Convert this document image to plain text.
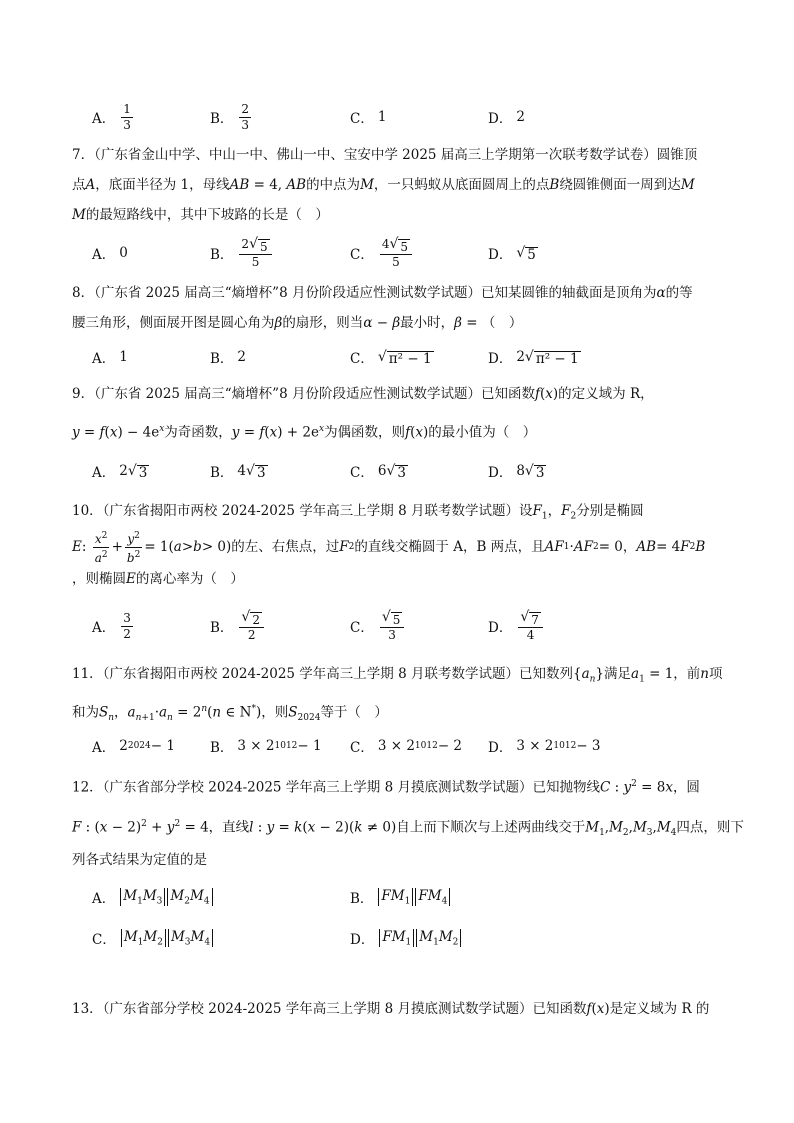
A． $\frac{1}{3}$	B． $\frac{2}{3}$	C． 1	D． 2
7．（广东省金山中学、中山一中、佛山一中、宝安中学 2025 届高三上学期第一次联考数学试卷）圆锥顶
点A，底面半径为 1，母线AB = 4, AB的中点为M，一只蚂蚁从底面圆周上的点B绕圆锥侧面一周到达M
M的最短路线中，其中下坡路的长是（　）
A． 0	B． $\frac{2 √ 5}{5}$	C． $\frac{4 √ 5}{5}$	D． √ 5
8．（广东省 2025 届高三“熵增杯”8 月份阶段适应性测试数学试题）已知某圆锥的轴截面是顶角为α的等
腰三角形，侧面展开图是圆心角为β的扇形，则当α − β最小时，β = （　）
A． 1	B． 2	C． √ π² − 1	D． 2 √ π² − 1
9．（广东省 2025 届高三“熵增杯”8 月份阶段适应性测试数学试题）已知函数f(x)的定义域为 R，
$y = f(x) - 4e^x$为奇函数，$y = f(x) + 2e^x$为偶函数，则f(x)的最小值为（　）
A． 2 √ 3	B． 4 √ 3	C． 6 √ 3	D． 8 √ 3
10．（广东省揭阳市两校 2024-2025 学年高三上学期 8 月联考数学试题）设$F_1$，$F_2$分别是椭圆
E : $\frac{x^2}{a^2} + \frac{y^2}{b^2} = 1$( a > b > 0) 的左、右焦点，过 F 2 的直线交椭圆于 A，B 两点，且 AF 1 · AF 2 = 0， AB = 4 F 2 B
，则椭圆E的离心率为（　）
A． $\frac{3}{2}$	B． $\frac{√ 2}{2}$	C． $\frac{√ 5}{3}$	D． $\frac{√ 7}{4}$
11．（广东省揭阳市两校 2024-2025 学年高三上学期 8 月联考数学试题）已知数列$\{a_n\}$满足$a_1 = 1$，前n项
和为$S_n$，$a_{n+1}\cdot a_n = 2^n(n$ ∈ N*)，则$S_{2024}$等于（　）
A． 2 2024 − 1	B． 3 × 2 1012 − 1 C． 3 × 2 1012 − 2 D． 3 × 2 1012 − 3
12．（广东省部分学校 2024-2025 学年高三上学期 8 月摸底测试数学试题）已知抛物线C : $y^2 = 8x$，圆
F : $(x - 2)^2 + y^2 = 4$，直线l : y = k(x − 2)(k ≠ 0)自上而下顺次与上述两曲线交于$M_1,M_2,M_3,M_4$四点，则下
列各式结果为定值的是
A． $M_1M_3$ $M_2M_4$	B． $FM_1$ $FM_4$
C． $M_1M_2$ $M_3M_4$	D． $FM_1$ $M_1M_2$
13．（广东省部分学校 2024-2025 学年高三上学期 8 月摸底测试数学试题）已知函数f(x)是定义域为 R 的
